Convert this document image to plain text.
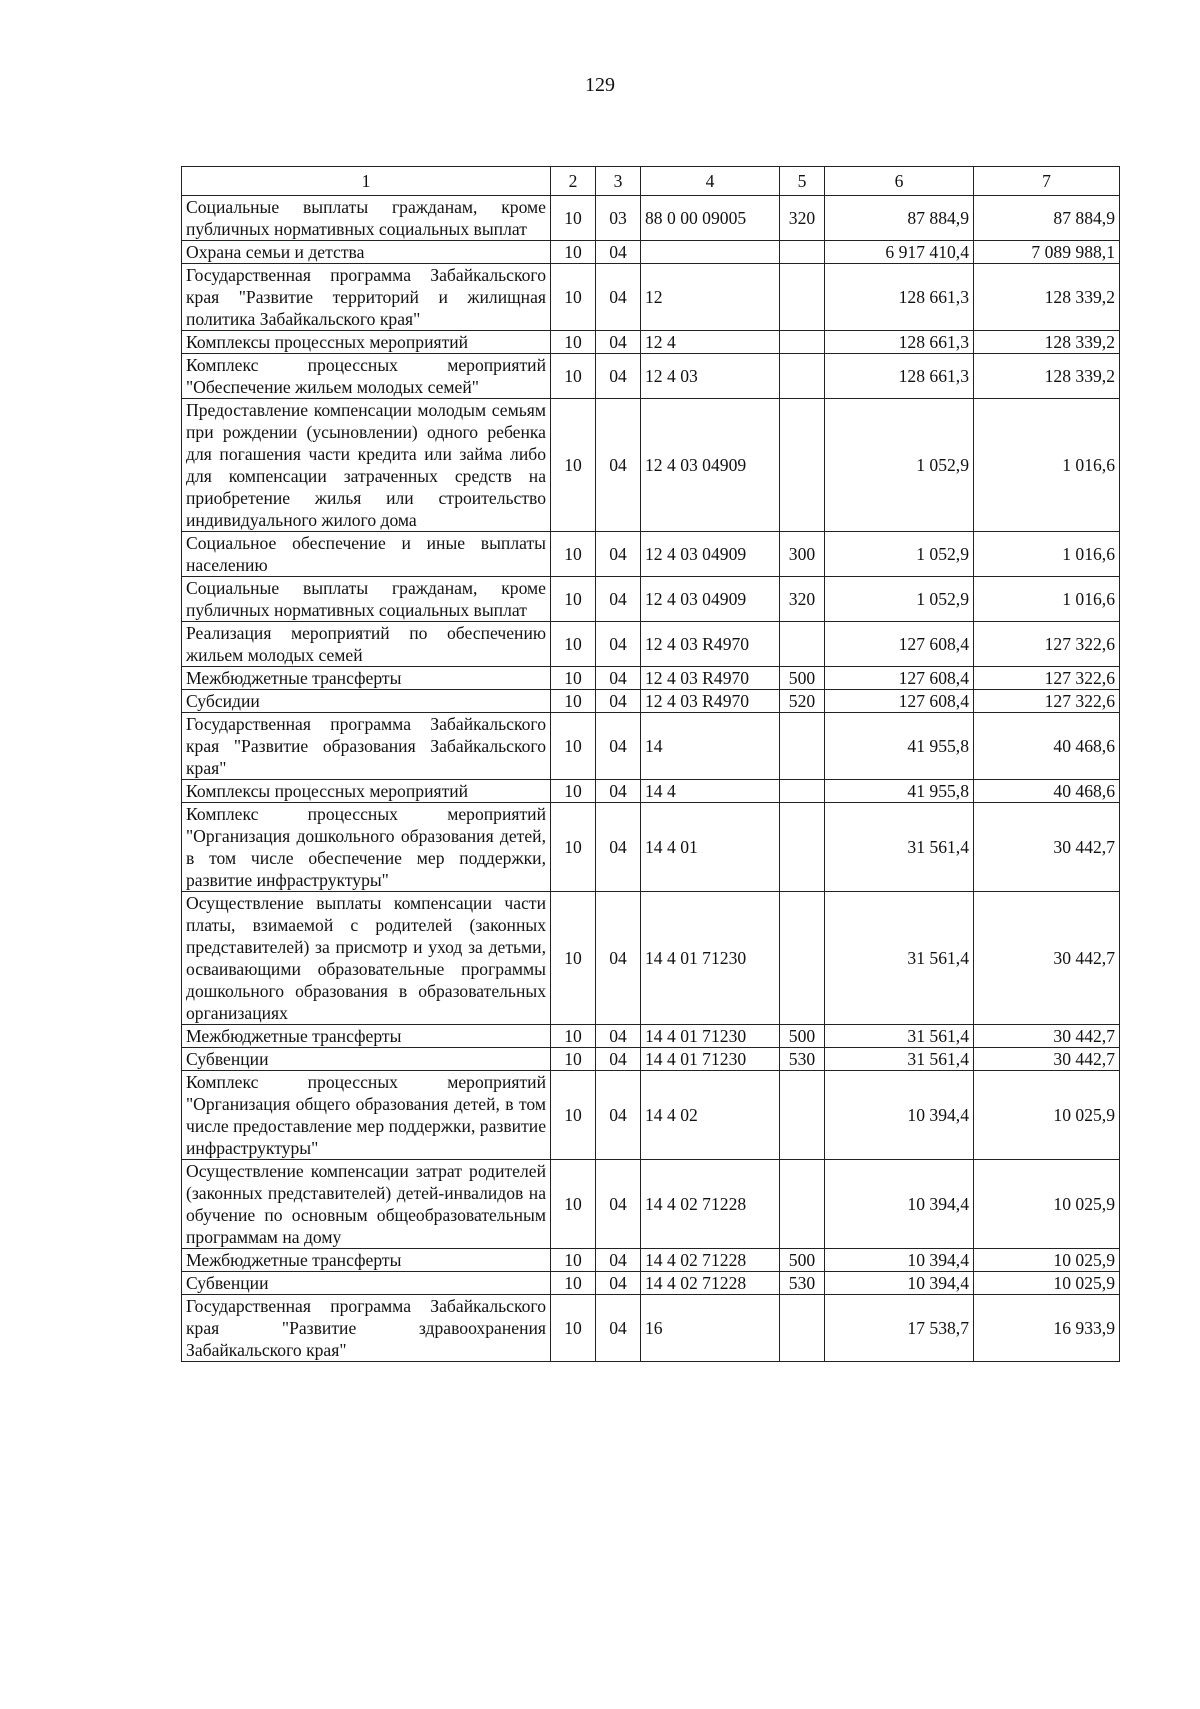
129
1	2	3	4	5	6	7
Социальные выплаты гражданам, кроме публичных нормативных социальных выплат	10	03	88 0 00 09005	320	87 884,9	87 884,9
Охрана семьи и детства	10	04			6 917 410,4	7 089 988,1
Государственная программа Забайкальского края "Развитие территорий и жилищная политика Забайкальского края"	10	04	12		128 661,3	128 339,2
Комплексы процессных мероприятий	10	04	12 4		128 661,3	128 339,2
Комплекс процессных мероприятий "Обеспечение жильем молодых семей"	10	04	12 4 03		128 661,3	128 339,2
Предоставление компенсации молодым семьям при рождении (усыновлении) одного ребенка для погашения части кредита или займа либо для компенсации затраченных средств на приобретение жилья или строительство индивидуального жилого дома	10	04	12 4 03 04909		1 052,9	1 016,6
Социальное обеспечение и иные выплаты населению	10	04	12 4 03 04909	300	1 052,9	1 016,6
Социальные выплаты гражданам, кроме публичных нормативных социальных выплат	10	04	12 4 03 04909	320	1 052,9	1 016,6
Реализация мероприятий по обеспечению жильем молодых семей	10	04	12 4 03 R4970		127 608,4	127 322,6
Межбюджетные трансферты	10	04	12 4 03 R4970	500	127 608,4	127 322,6
Субсидии	10	04	12 4 03 R4970	520	127 608,4	127 322,6
Государственная программа Забайкальского края "Развитие образования Забайкальского края"	10	04	14		41 955,8	40 468,6
Комплексы процессных мероприятий	10	04	14 4		41 955,8	40 468,6
Комплекс процессных мероприятий "Организация дошкольного образования детей, в том числе обеспечение мер поддержки, развитие инфраструктуры"	10	04	14 4 01		31 561,4	30 442,7
Осуществление выплаты компенсации части платы, взимаемой с родителей (законных представителей) за присмотр и уход за детьми, осваивающими образовательные программы дошкольного образования в образовательных организациях	10	04	14 4 01 71230		31 561,4	30 442,7
Межбюджетные трансферты	10	04	14 4 01 71230	500	31 561,4	30 442,7
Субвенции	10	04	14 4 01 71230	530	31 561,4	30 442,7
Комплекс процессных мероприятий "Организация общего образования детей, в том числе предоставление мер поддержки, развитие инфраструктуры"	10	04	14 4 02		10 394,4	10 025,9
Осуществление компенсации затрат родителей (законных представителей) детей-инвалидов на обучение по основным общеобразовательным программам на дому	10	04	14 4 02 71228		10 394,4	10 025,9
Межбюджетные трансферты	10	04	14 4 02 71228	500	10 394,4	10 025,9
Субвенции	10	04	14 4 02 71228	530	10 394,4	10 025,9
Государственная программа Забайкальского края "Развитие здравоохранения Забайкальского края"	10	04	16		17 538,7	16 933,9
